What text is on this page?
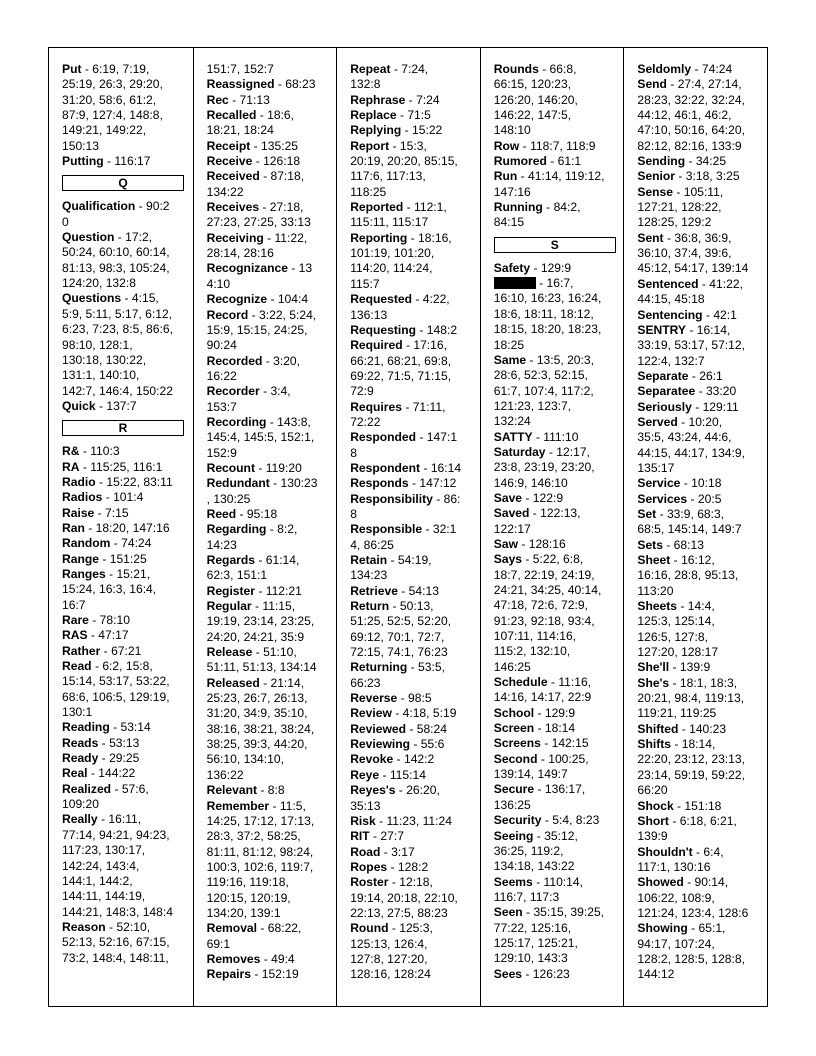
Put - 6:19, 7:19,
25:19, 26:3, 29:20,
31:20, 58:6, 61:2,
87:9, 127:4, 148:8,
149:21, 149:22,
150:13
Putting - 116:17
Q
Qualification - 90:2
0
Question - 17:2,
50:24, 60:10, 60:14,
81:13, 98:3, 105:24,
124:20, 132:8
Questions - 4:15,
5:9, 5:11, 5:17, 6:12,
6:23, 7:23, 8:5, 86:6,
98:10, 128:1,
130:18, 130:22,
131:1, 140:10,
142:7, 146:4, 150:22
Quick - 137:7
R
R& - 110:3
RA - 115:25, 116:1
Radio - 15:22, 83:11
Radios - 101:4
Raise - 7:15
Ran - 18:20, 147:16
Random - 74:24
Range - 151:25
Ranges - 15:21,
15:24, 16:3, 16:4,
16:7
Rare - 78:10
RAS - 47:17
Rather - 67:21
Read - 6:2, 15:8,
15:14, 53:17, 53:22,
68:6, 106:5, 129:19,
130:1
Reading - 53:14
Reads - 53:13
Ready - 29:25
Real - 144:22
Realized - 57:6,
109:20
Really - 16:11,
77:14, 94:21, 94:23,
117:23, 130:17,
142:24, 143:4,
144:1, 144:2,
144:11, 144:19,
144:21, 148:3, 148:4
Reason - 52:10,
52:13, 52:16, 67:15,
73:2, 148:4, 148:11,
151:7, 152:7
Reassigned - 68:23
Rec - 71:13
Recalled - 18:6,
18:21, 18:24
Receipt - 135:25
Receive - 126:18
Received - 87:18,
134:22
Receives - 27:18,
27:23, 27:25, 33:13
Receiving - 11:22,
28:14, 28:16
Recognizance - 13
4:10
Recognize - 104:4
Record - 3:22, 5:24,
15:9, 15:15, 24:25,
90:24
Recorded - 3:20,
16:22
Recorder - 3:4,
153:7
Recording - 143:8,
145:4, 145:5, 152:1,
152:9
Recount - 119:20
Redundant - 130:23
, 130:25
Reed - 95:18
Regarding - 8:2,
14:23
Regards - 61:14,
62:3, 151:1
Register - 112:21
Regular - 11:15,
19:19, 23:14, 23:25,
24:20, 24:21, 35:9
Release - 51:10,
51:11, 51:13, 134:14
Released - 21:14,
25:23, 26:7, 26:13,
31:20, 34:9, 35:10,
38:16, 38:21, 38:24,
38:25, 39:3, 44:20,
56:10, 134:10,
136:22
Relevant - 8:8
Remember - 11:5,
14:25, 17:12, 17:13,
28:3, 37:2, 58:25,
81:11, 81:12, 98:24,
100:3, 102:6, 119:7,
119:16, 119:18,
120:15, 120:19,
134:20, 139:1
Removal - 68:22,
69:1
Removes - 49:4
Repairs - 152:19
Repeat - 7:24,
132:8
Rephrase - 7:24
Replace - 71:5
Replying - 15:22
Report - 15:3,
20:19, 20:20, 85:15,
117:6, 117:13,
118:25
Reported - 112:1,
115:11, 115:17
Reporting - 18:16,
101:19, 101:20,
114:20, 114:24,
115:7
Requested - 4:22,
136:13
Requesting - 148:2
Required - 17:16,
66:21, 68:21, 69:8,
69:22, 71:5, 71:15,
72:9
Requires - 71:11,
72:22
Responded - 147:1
8
Respondent - 16:14
Responds - 147:12
Responsibility - 86:
8
Responsible - 32:1
4, 86:25
Retain - 54:19,
134:23
Retrieve - 54:13
Return - 50:13,
51:25, 52:5, 52:20,
69:12, 70:1, 72:7,
72:15, 74:1, 76:23
Returning - 53:5,
66:23
Reverse - 98:5
Review - 4:18, 5:19
Reviewed - 58:24
Reviewing - 55:6
Revoke - 142:2
Reye - 115:14
Reyes's - 26:20,
35:13
Risk - 11:23, 11:24
RIT - 27:7
Road - 3:17
Ropes - 128:2
Roster - 12:18,
19:14, 20:18, 22:10,
22:13, 27:5, 88:23
Round - 125:3,
125:13, 126:4,
127:8, 127:20,
128:16, 128:24
Rounds - 66:8,
66:15, 120:23,
126:20, 146:20,
146:22, 147:5,
148:10
Row - 118:7, 118:9
Rumored - 61:1
Run - 41:14, 119:12,
147:16
Running - 84:2,
84:15
S
Safety - 129:9
- 16:7,
16:10, 16:23, 16:24,
18:6, 18:11, 18:12,
18:15, 18:20, 18:23,
18:25
Same - 13:5, 20:3,
28:6, 52:3, 52:15,
61:7, 107:4, 117:2,
121:23, 123:7,
132:24
SATTY - 111:10
Saturday - 12:17,
23:8, 23:19, 23:20,
146:9, 146:10
Save - 122:9
Saved - 122:13,
122:17
Saw - 128:16
Says - 5:22, 6:8,
18:7, 22:19, 24:19,
24:21, 34:25, 40:14,
47:18, 72:6, 72:9,
91:23, 92:18, 93:4,
107:11, 114:16,
115:2, 132:10,
146:25
Schedule - 11:16,
14:16, 14:17, 22:9
School - 129:9
Screen - 18:14
Screens - 142:15
Second - 100:25,
139:14, 149:7
Secure - 136:17,
136:25
Security - 5:4, 8:23
Seeing - 35:12,
36:25, 119:2,
134:18, 143:22
Seems - 110:14,
116:7, 117:3
Seen - 35:15, 39:25,
77:22, 125:16,
125:17, 125:21,
129:10, 143:3
Sees - 126:23
Seldomly - 74:24
Send - 27:4, 27:14,
28:23, 32:22, 32:24,
44:12, 46:1, 46:2,
47:10, 50:16, 64:20,
82:12, 82:16, 133:9
Sending - 34:25
Senior - 3:18, 3:25
Sense - 105:11,
127:21, 128:22,
128:25, 129:2
Sent - 36:8, 36:9,
36:10, 37:4, 39:6,
45:12, 54:17, 139:14
Sentenced - 41:22,
44:15, 45:18
Sentencing - 42:1
SENTRY - 16:14,
33:19, 53:17, 57:12,
122:4, 132:7
Separate - 26:1
Separatee - 33:20
Seriously - 129:11
Served - 10:20,
35:5, 43:24, 44:6,
44:15, 44:17, 134:9,
135:17
Service - 10:18
Services - 20:5
Set - 33:9, 68:3,
68:5, 145:14, 149:7
Sets - 68:13
Sheet - 16:12,
16:16, 28:8, 95:13,
113:20
Sheets - 14:4,
125:3, 125:14,
126:5, 127:8,
127:20, 128:17
She'll - 139:9
She's - 18:1, 18:3,
20:21, 98:4, 119:13,
119:21, 119:25
Shifted - 140:23
Shifts - 18:14,
22:20, 23:12, 23:13,
23:14, 59:19, 59:22,
66:20
Shock - 151:18
Short - 6:18, 6:21,
139:9
Shouldn't - 6:4,
117:1, 130:16
Showed - 90:14,
106:22, 108:9,
121:24, 123:4, 128:6
Showing - 65:1,
94:17, 107:24,
128:2, 128:5, 128:8,
144:12
